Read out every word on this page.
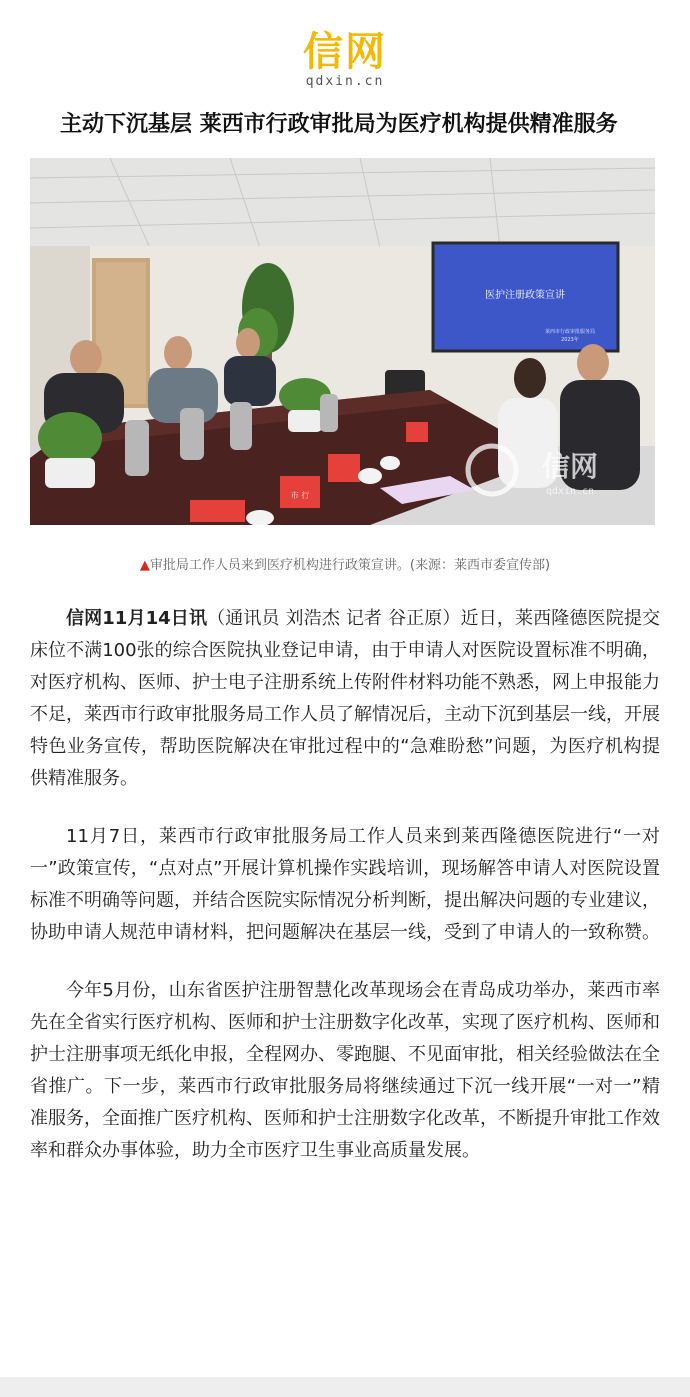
信网
qdxin.cn
主动下沉基层 莱西市行政审批局为医疗机构提供精准服务
医护注册政策宣讲
莱西市行政审批服务局
2023年
市 行
信网
qdxin.cn
▲审批局工作人员来到医疗机构进行政策宣讲。(来源：莱西市委宣传部)

信网11月14日讯（通讯员 刘浩杰 记者 谷正原）近日，莱西隆德医院提交床位不满100张的综合医院执业登记申请，由于申请人对医院设置标准不明确，对医疗机构、医师、护士电子注册系统上传附件材料功能不熟悉，网上申报能力不足，莱西市行政审批服务局工作人员了解情况后，主动下沉到基层一线，开展特色业务宣传，帮助医院解决在审批过程中的“急难盼愁”问题，为医疗机构提供精准服务。

11月7日，莱西市行政审批服务局工作人员来到莱西隆德医院进行“一对一”政策宣传，“点对点”开展计算机操作实践培训，现场解答申请人对医院设置标准不明确等问题，并结合医院实际情况分析判断，提出解决问题的专业建议，协助申请人规范申请材料，把问题解决在基层一线，受到了申请人的一致称赞。

今年5月份，山东省医护注册智慧化改革现场会在青岛成功举办，莱西市率先在全省实行医疗机构、医师和护士注册数字化改革，实现了医疗机构、医师和护士注册事项无纸化申报，全程网办、零跑腿、不见面审批，相关经验做法在全省推广。下一步，莱西市行政审批服务局将继续通过下沉一线开展“一对一”精准服务，全面推广医疗机构、医师和护士注册数字化改革，不断提升审批工作效率和群众办事体验，助力全市医疗卫生事业高质量发展。
